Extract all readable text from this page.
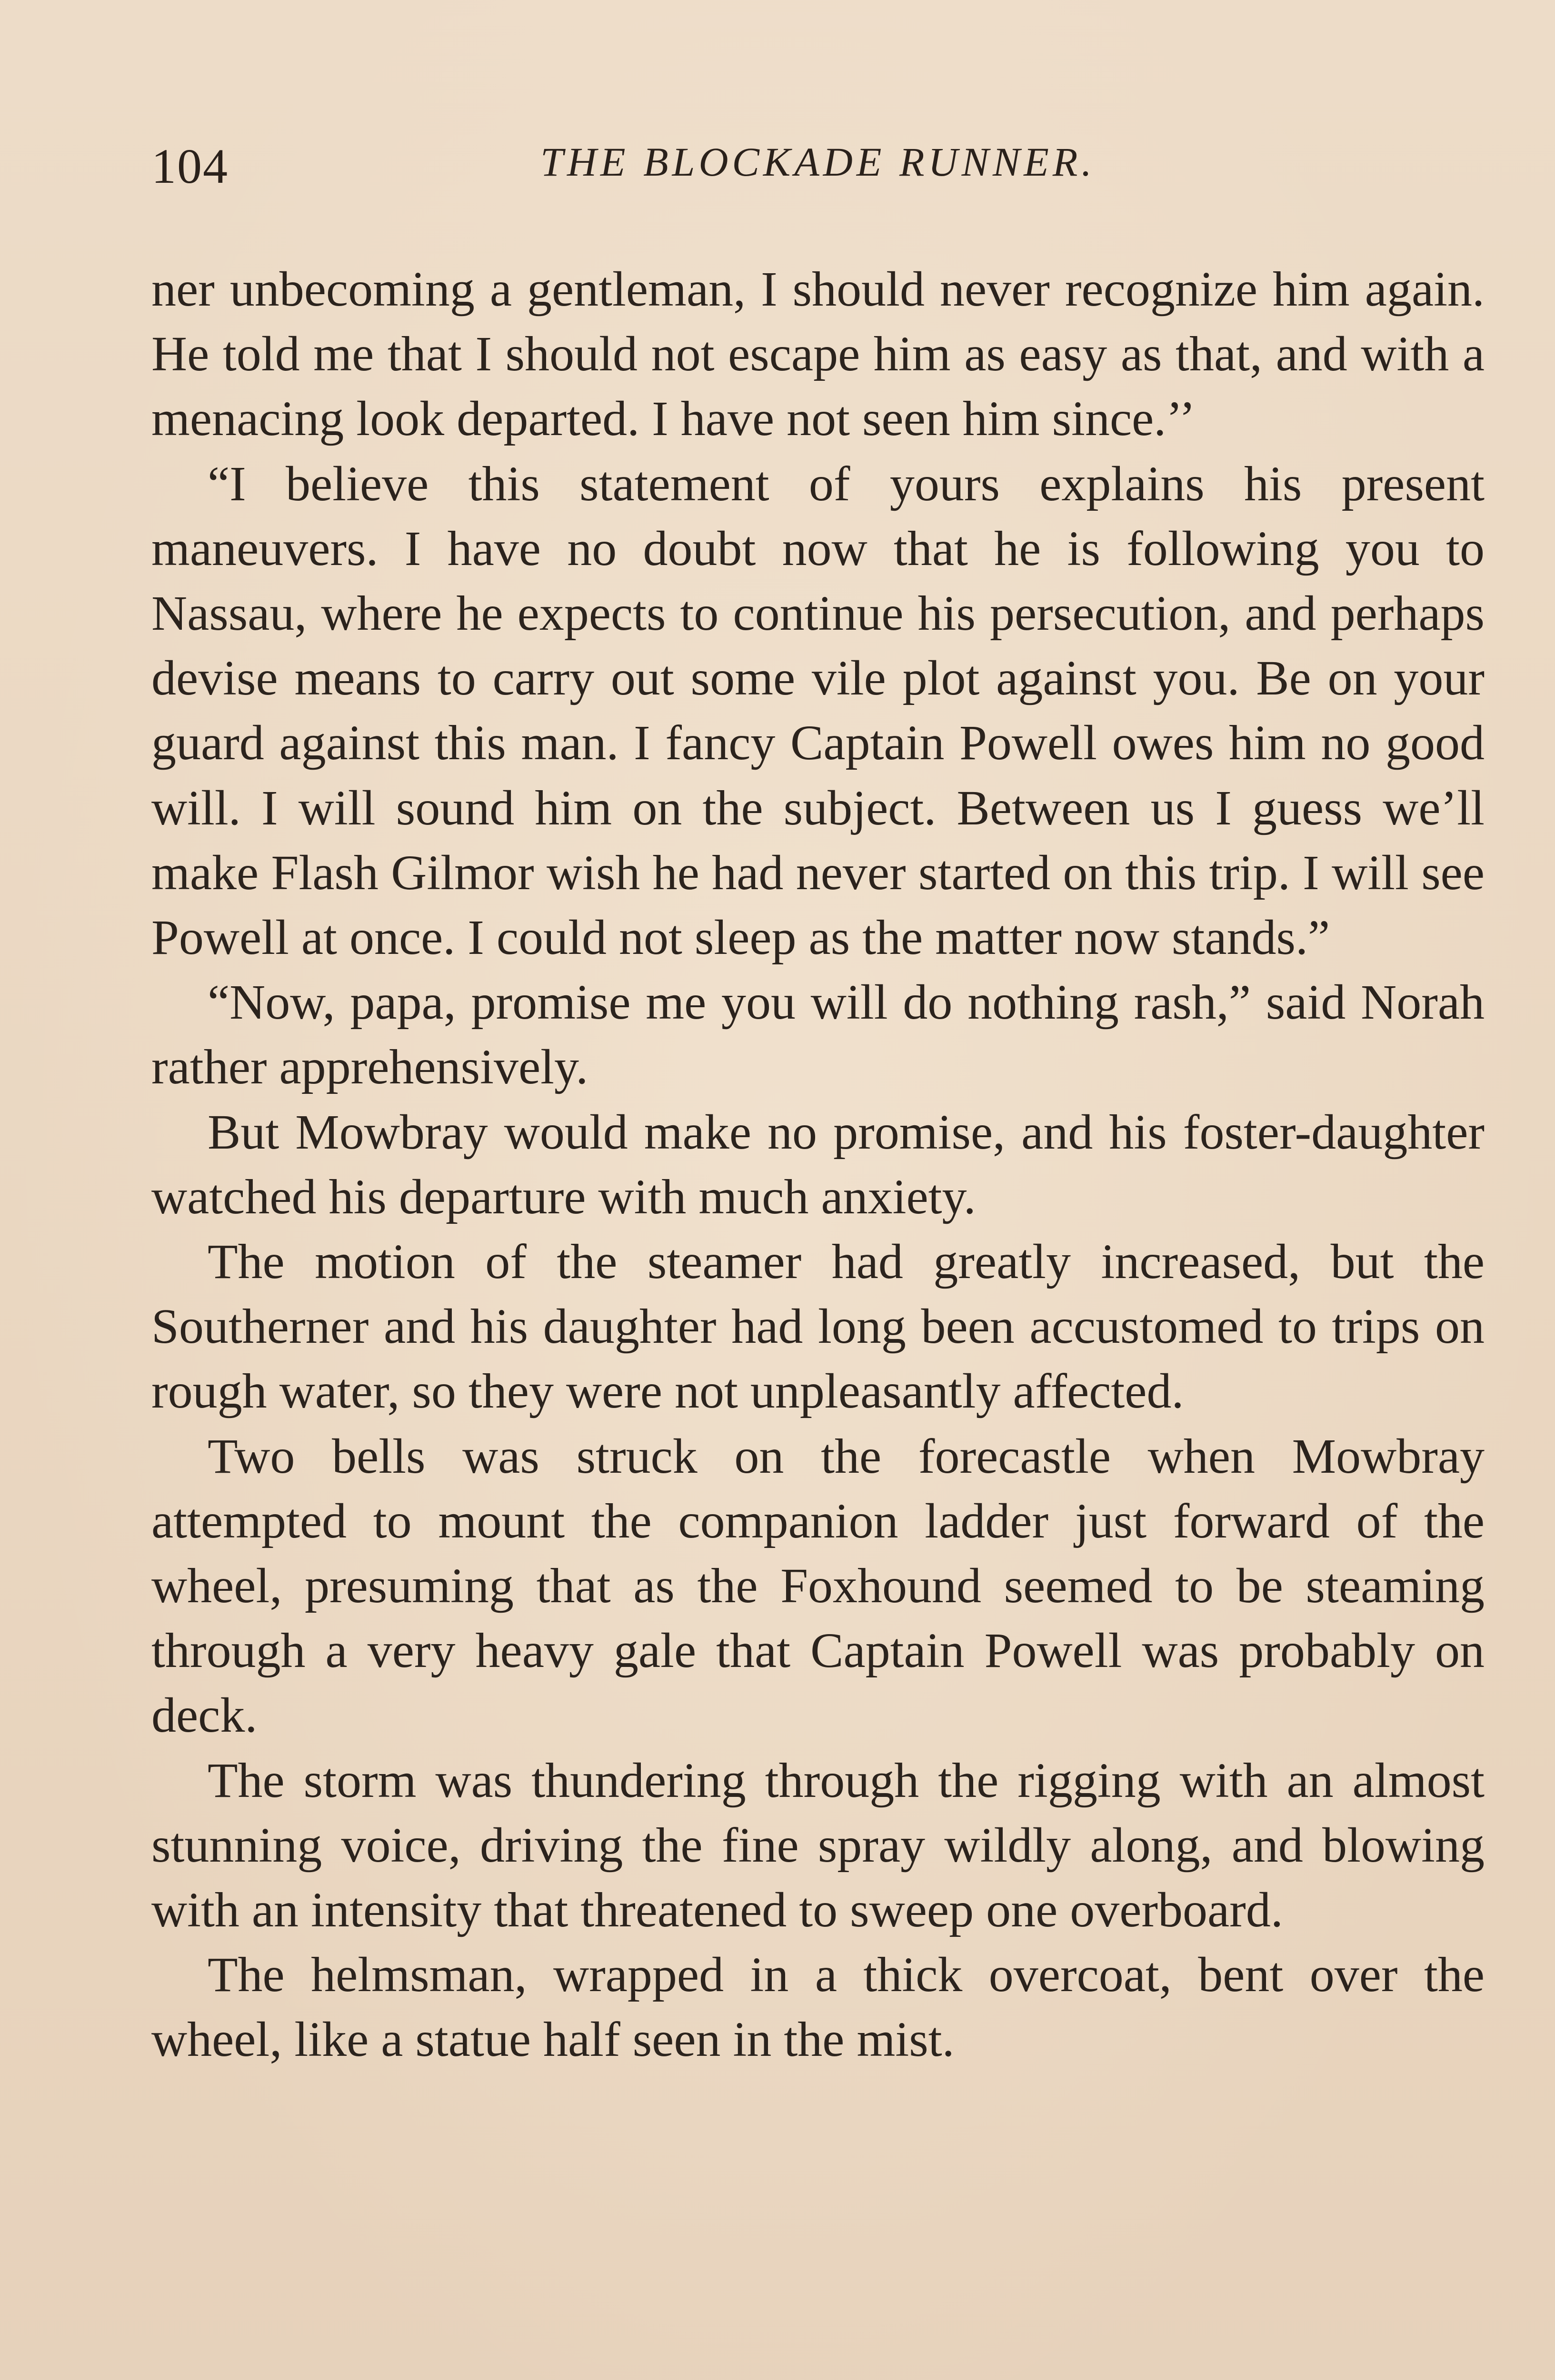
104	THE BLOCKADE RUNNER.

ner unbecoming a gentleman, I should never recognize him again. He told me that I should not escape him as easy as that, and with a menacing look departed. I have not seen him since.’’

“I believe this statement of yours explains his present maneuvers. I have no doubt now that he is following you to Nassau, where he expects to continue his persecution, and perhaps devise means to carry out some vile plot against you. Be on your guard against this man. I fancy Captain Powell owes him no good will. I will sound him on the subject. Between us I guess we’ll make Flash Gilmor wish he had never started on this trip. I will see Powell at once. I could not sleep as the matter now stands.”

“Now, papa, promise me you will do nothing rash,” said Norah rather apprehensively.

But Mowbray would make no promise, and his foster-daughter watched his departure with much anxiety.

The motion of the steamer had greatly increased, but the Southerner and his daughter had long been accustomed to trips on rough water, so they were not unpleasantly affected.

Two bells was struck on the forecastle when Mowbray attempted to mount the companion ladder just forward of the wheel, presuming that as the Foxhound seemed to be steaming through a very heavy gale that Captain Powell was probably on deck.

The storm was thundering through the rigging with an almost stunning voice, driving the fine spray wildly along, and blowing with an intensity that threatened to sweep one overboard.

The helmsman, wrapped in a thick overcoat, bent over the wheel, like a statue half seen in the mist.
